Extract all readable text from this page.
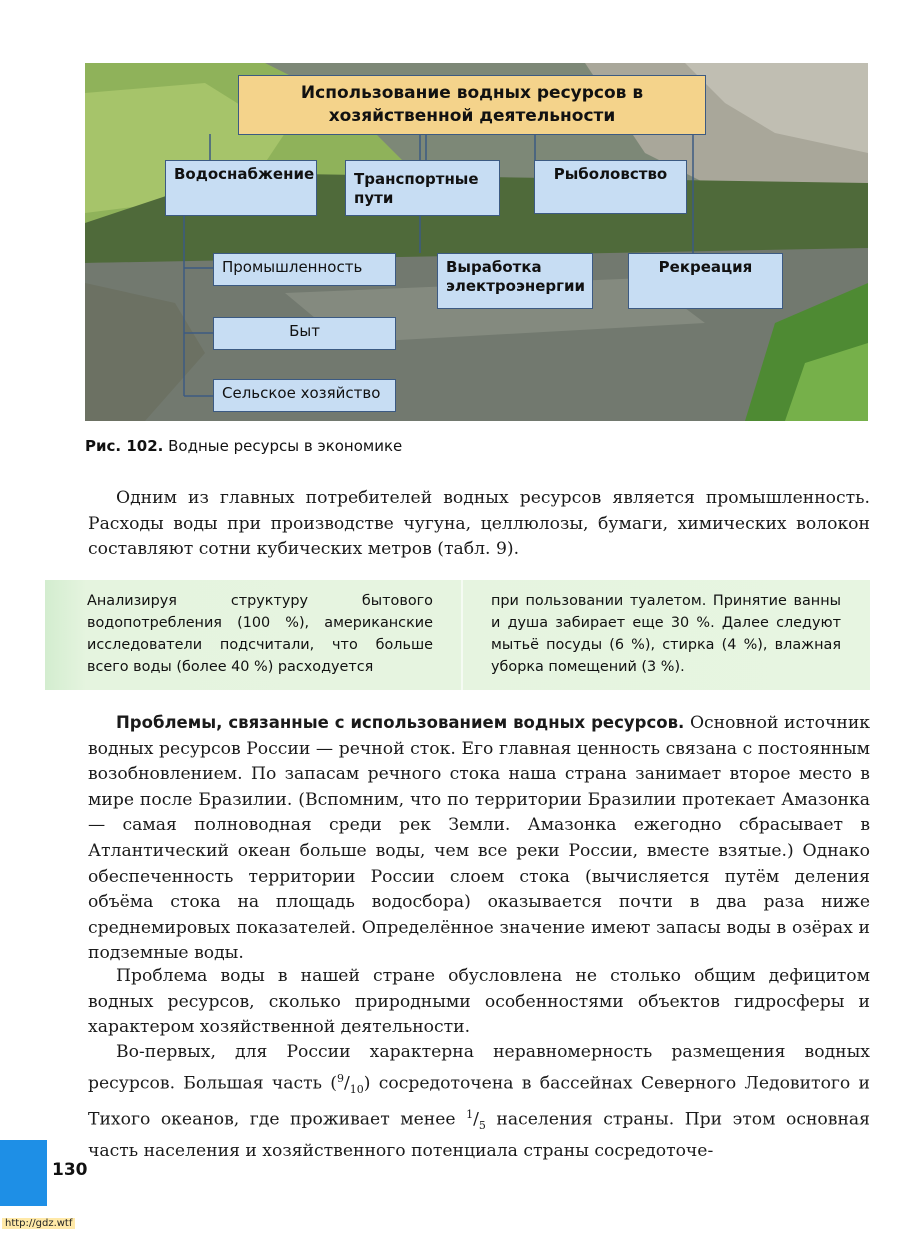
Использование водных ресурсов в хозяйственной деятельности
Водоснабжение	Транспортные пути
Рыболовство
Промышленность	Выработка электроэнергии
Рекреация
Быт
Сельское хозяйство
Рис. 102. Водные ресурсы в экономике

Одним из главных потребителей водных ресурсов является промышленность. Расходы воды при производстве чугуна, целлюлозы, бумаги, химических волокон составляют сотни кубических метров (табл. 9).

Анализируя структуру бытового водопотребления (100 %), американские исследователи подсчитали, что больше всего воды (более 40 %) расходуется
при пользовании туалетом. Принятие ванны и душа забирает еще 30 %. Далее следуют мытьё посуды (6 %), стирка (4 %), влажная уборка помещений (3 %).

Проблемы, связанные с использованием водных ресурсов. Основной источник водных ресурсов России — речной сток. Его главная ценность связана с постоянным возобновлением. По запасам речного стока наша страна занимает второе место в мире после Бразилии. (Вспомним, что по территории Бразилии протекает Амазонка — самая полноводная среди рек Земли. Амазонка ежегодно сбрасывает в Атлантический океан больше воды, чем все реки России, вместе взятые.) Однако обеспеченность территории России слоем стока (вычисляется путём деления объёма стока на площадь водосбора) оказывается почти в два раза ниже среднемировых показателей. Определённое значение имеют запасы воды в озёрах и подземные воды.

Проблема воды в нашей стране обусловлена не столько общим дефицитом водных ресурсов, сколько природными особенностями объектов гидросферы и характером хозяйственной деятельности.

Во-первых, для России характерна неравномерность размещения водных ресурсов. Большая часть $(^9/_{10})$ сосредоточена в бассейнах Северного Ледовитого и Тихого океанов, где проживает менее $^1/_5$ населения страны. При этом основная часть населения и хозяйственного потенциала страны сосредоточе-

130
http://gdz.wtf
